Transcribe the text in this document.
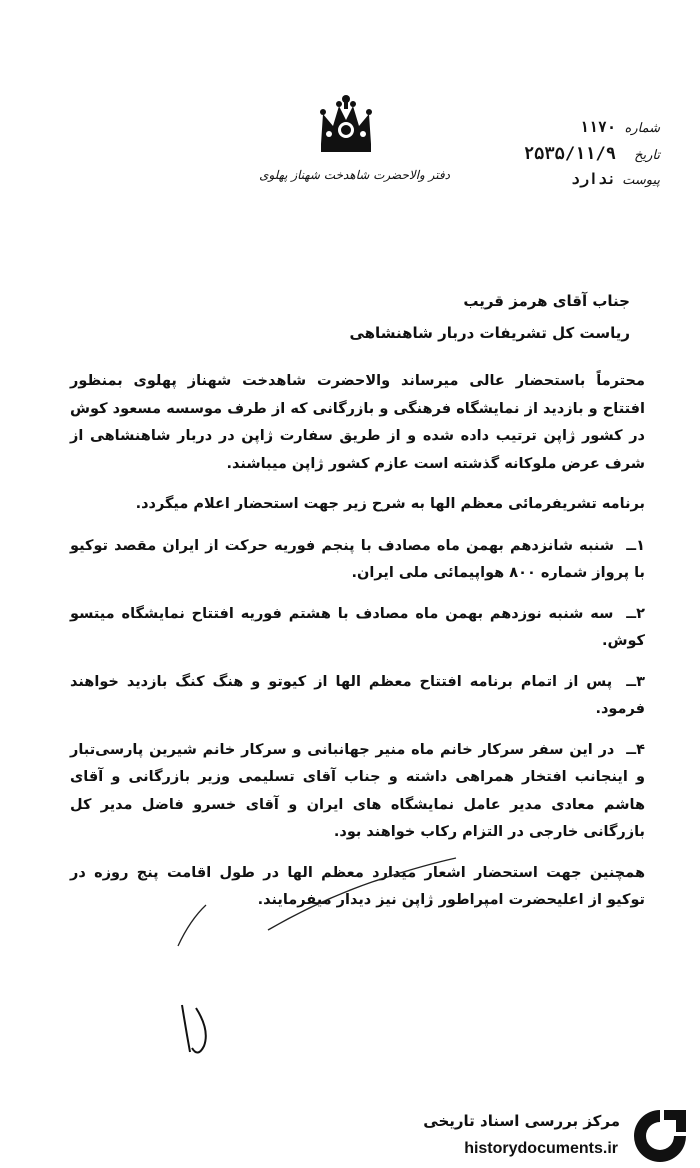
دفتر والاحضرت شاهدخت شهناز پهلوی
شماره
۱۱۷۰
تاریخ
۲۵۳۵/۱۱/۹
پیوست
ندارد
جناب آقای هرمز قریب
ریاست کل تشریفات دربار شاهنشاهی

محترماً باستحضار عالی میرساند والاحضرت شاهدخت شهناز پهلوی بمنظور افتتاح و بازدید از نمایشگاه فرهنگی و بازرگانی که از طرف موسسه مسعود کوش در کشور ژاپن ترتیب داده شده و از طریق سفارت ژاپن در دربار شاهنشاهی از شرف عرض ملوکانه گذشته است عازم کشور ژاپن میباشند.

برنامه تشریفرمائی معظم الها به شرح زیر جهت استحضار اعلام میگردد.

۱ــ شنبه شانزدهم بهمن ماه مصادف با پنجم فوریه حرکت از ایران مقصد توکیو با پرواز شماره ۸۰۰ هواپیمائی ملی ایران.

۲ــ سه شنبه نوزدهم بهمن ماه مصادف با هشتم فوریه افتتاح نمایشگاه میتسو کوش.

۳ــ پس از اتمام برنامه افتتاح معظم الها از کیوتو و هنگ کنگ بازدید خواهند فرمود.

۴ــ در این سفر سرکار خانم ماه منیر جهانبانی و سرکار خانم شیرین پارسی‌تبار و اینجانب افتخار همراهی داشته و جناب آقای تسلیمی وزیر بازرگانی و آقای هاشم معادی مدیر عامل نمایشگاه های ایران و آقای خسرو فاضل مدیر کل بازرگانی خارجی در التزام رکاب خواهند بود.

همچنین جهت استحضار اشعار میدارد معظم الها در طول اقامت پنج روزه در توکیو از اعلیحضرت امپراطور ژاپن نیز دیدار میفرمایند.

مرکز بررسی اسناد تاریخی
historydocuments.ir
